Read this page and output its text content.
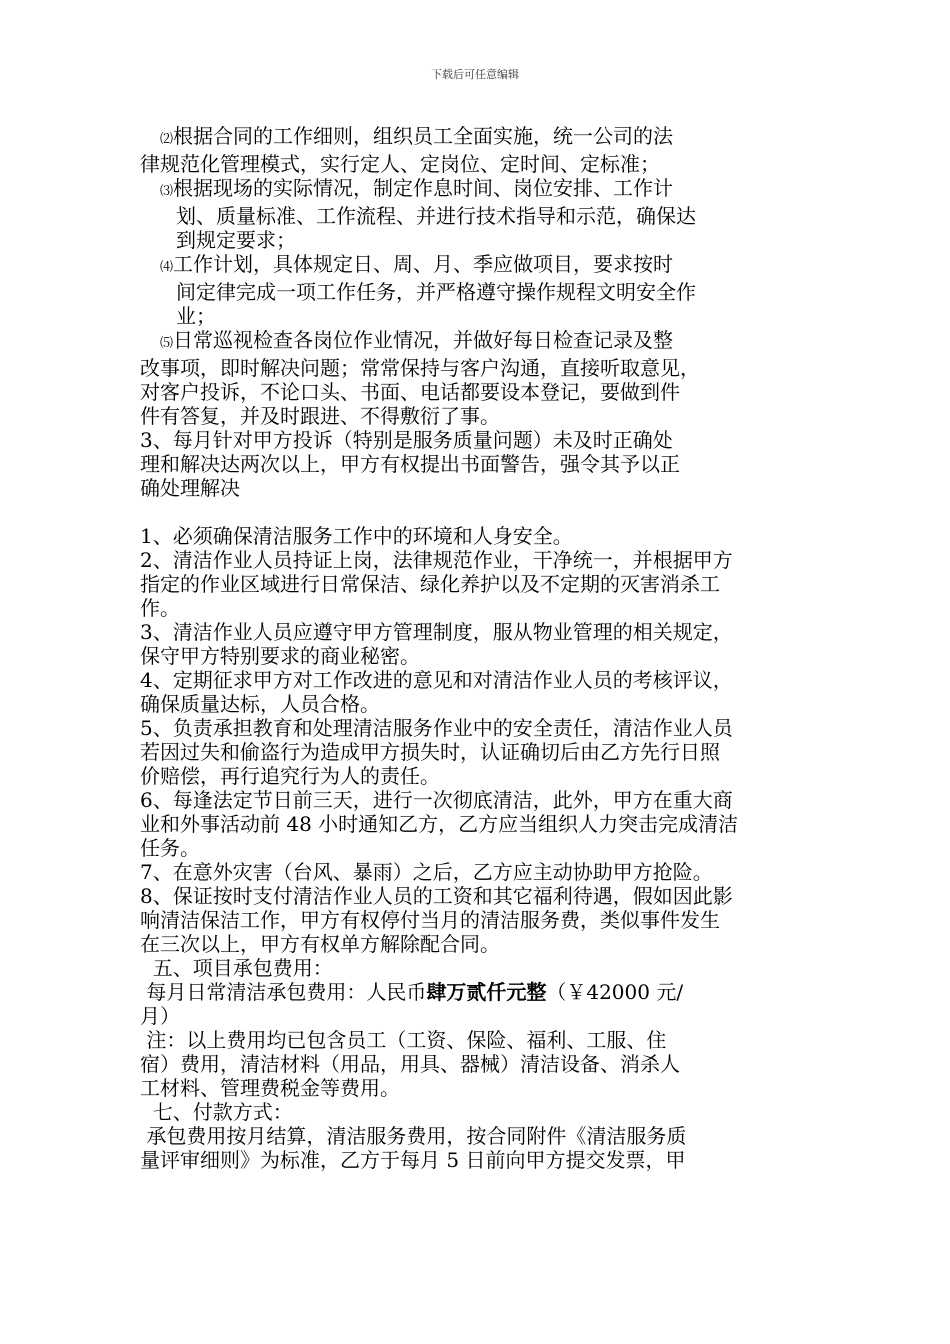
下载后可任意编辑

⑵根据合同的工作细则，组织员工全面实施，统一公司的法

律规范化管理模式，实行定人、定岗位、定时间、定标准；

⑶根据现场的实际情况，制定作息时间、岗位安排、工作计

划、质量标准、工作流程、并进行技术指导和示范，确保达

到规定要求；

⑷工作计划，具体规定日、周、月、季应做项目，要求按时

间定律完成一项工作任务，并严格遵守操作规程文明安全作

业；

⑸日常巡视检查各岗位作业情况，并做好每日检查记录及整

改事项，即时解决问题；常常保持与客户沟通，直接听取意见，

对客户投诉，不论口头、书面、电话都要设本登记，要做到件

件有答复，并及时跟进、不得敷衍了事。

3、每月针对甲方投诉（特别是服务质量问题）未及时正确处

理和解决达两次以上，甲方有权提出书面警告，强令其予以正

确处理解决

1、必须确保清洁服务工作中的环境和人身安全。

2、清洁作业人员持证上岗，法律规范作业，干净统一，并根据甲方

指定的作业区域进行日常保洁、绿化养护以及不定期的灭害消杀工

作。

3、清洁作业人员应遵守甲方管理制度，服从物业管理的相关规定，

保守甲方特别要求的商业秘密。

4、定期征求甲方对工作改进的意见和对清洁作业人员的考核评议，

确保质量达标，人员合格。

5、负责承担教育和处理清洁服务作业中的安全责任，清洁作业人员

若因过失和偷盗行为造成甲方损失时，认证确切后由乙方先行日照

价赔偿，再行追究行为人的责任。

6、每逢法定节日前三天，进行一次彻底清洁，此外，甲方在重大商

业和外事活动前 48 小时通知乙方，乙方应当组织人力突击完成清洁

任务。

7、在意外灾害（台风、暴雨）之后，乙方应主动协助甲方抢险。

8、保证按时支付清洁作业人员的工资和其它福利待遇，假如因此影

响清洁保洁工作，甲方有权停付当月的清洁服务费，类似事件发生

在三次以上，甲方有权单方解除配合同。

五、项目承包费用：

每月日常清洁承包费用：人民币肆万贰仟元整（￥42000 元/

月）

注：以上费用均已包含员工（工资、保险、福利、工服、住

宿）费用，清洁材料（用品，用具、器械）清洁设备、消杀人

工材料、管理费税金等费用。

七、付款方式：

承包费用按月结算，清洁服务费用，按合同附件《清洁服务质

量评审细则》为标准，乙方于每月 5 日前向甲方提交发票，甲
